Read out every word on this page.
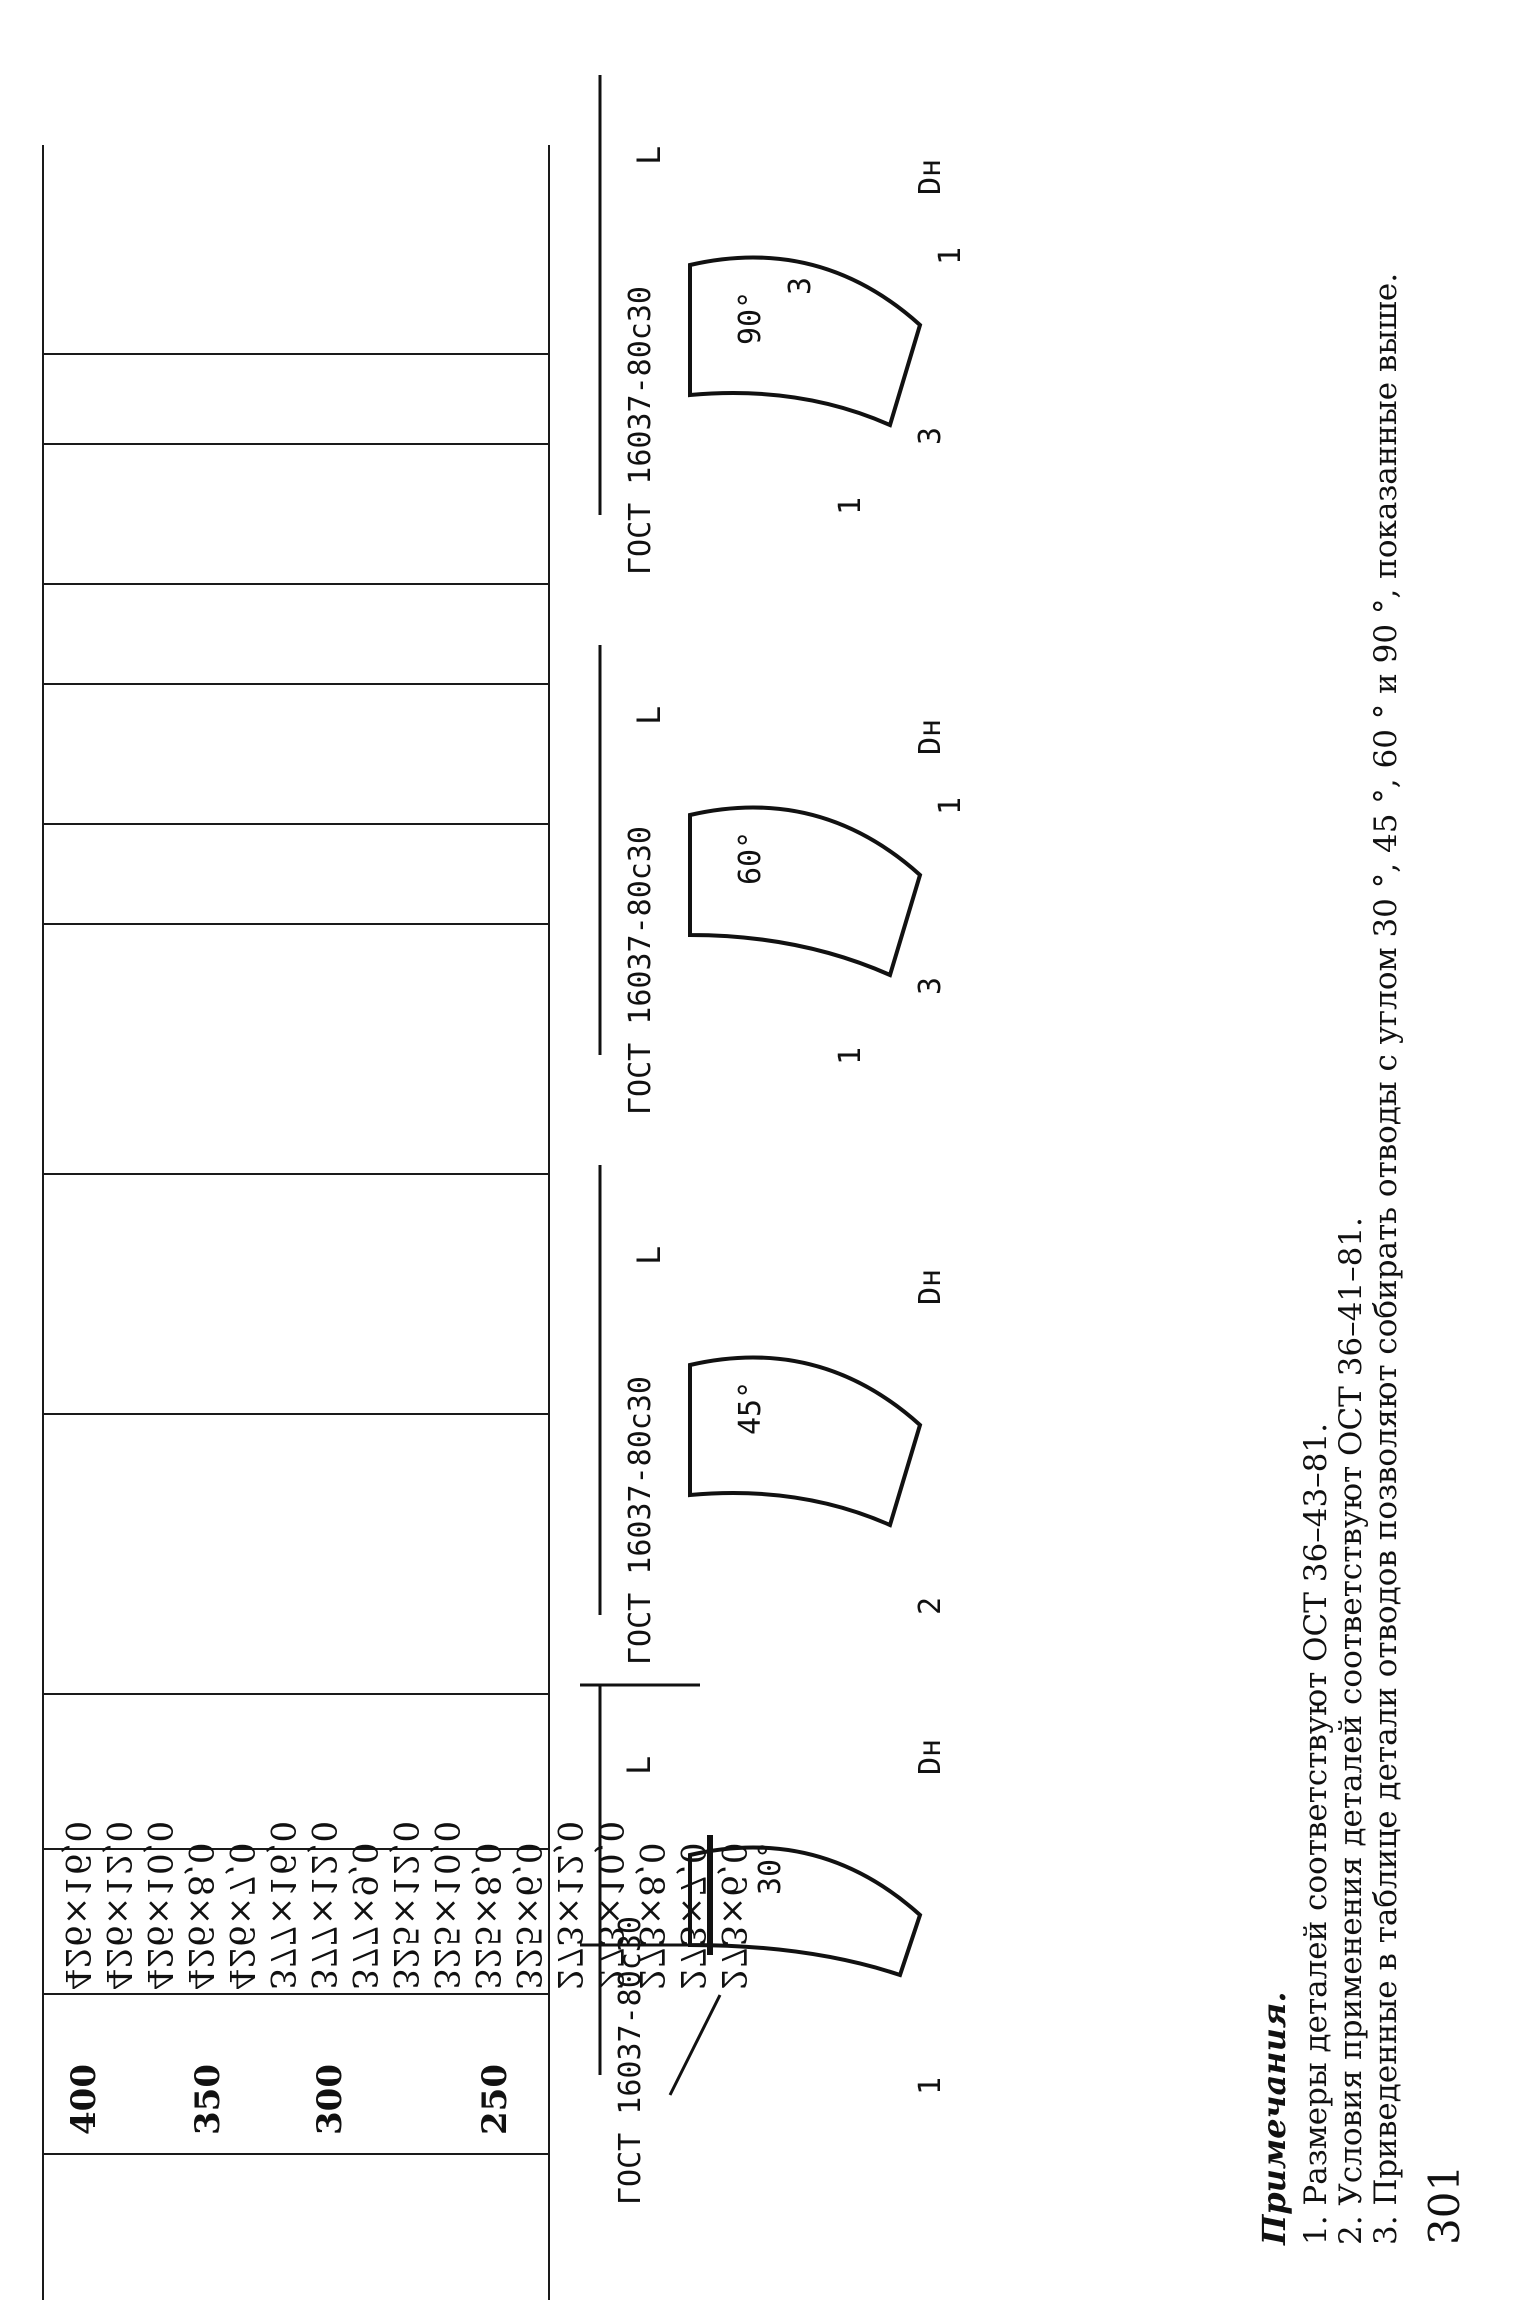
400 350 300	250
273×6,0
273×7,0
273×8,0
273×10,0
273×12,0
325×6,0
325×8,0
325×10,0
325×12,0
377×9,0
377×12,0
377×16,0
426×7,0
426×8,0
426×10,0
426×12,0
426×16,0
ГОСТ 16037-80с30
L
30°
Dн
1
ГОСТ 16037-80с30
L
45°
Dн
2
ГОСТ 16037-80с30
L
60°
Dн
1
3
1
ГОСТ 16037-80с30
L
90°
Dн
1
3
3
1
Примечания. 1. Размеры деталей соответствуют ОСТ 36–43–81. 2. Условия применения деталей соответствуют ОСТ 36–41–81. 3. Приведенные в таблице детали отводов позволяют собирать отводы с углом 30 °, 45 °, 60 ° и 90 °, показанные выше. 301
